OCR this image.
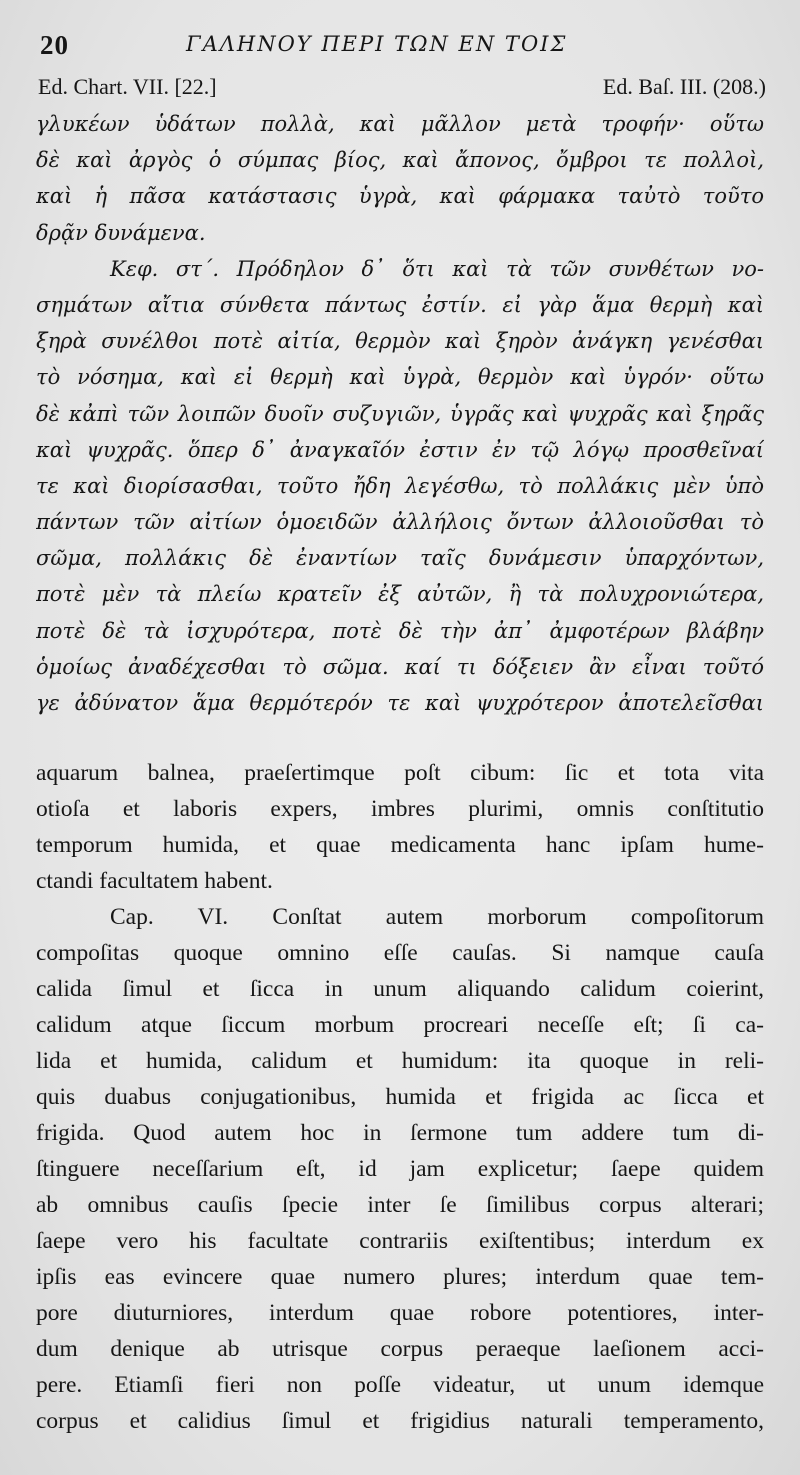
20	ΓΑΛΗΝΟΥ ΠΕΡΙ ΤΩΝ ΕΝ ΤΟΙΣ
Ed. Chart. VII. [22.]	Ed. Baſ. III. (208.)
γλυκέων ὑδάτων πολλὰ, καὶ μᾶλλον μετὰ τροφήν· οὕτω
δὲ καὶ ἀργὸς ὁ σύμπας βίος, καὶ ἄπονος, ὄμβροι τε πολλοὶ,
καὶ ἡ πᾶσα κατάστασις ὑγρὰ, καὶ φάρμακα ταὐτὸ τοῦτο
δρᾷν δυνάμενα.
Κεφ. στ΄. Πρόδηλον δ᾽ ὅτι καὶ τὰ τῶν συνθέτων νο-
σημάτων αἴτια σύνθετα πάντως ἐστίν. εἰ γὰρ ἅμα θερμὴ καὶ
ξηρὰ συνέλθοι ποτὲ αἰτία, θερμὸν καὶ ξηρὸν ἀνάγκη γενέσθαι
τὸ νόσημα, καὶ εἰ θερμὴ καὶ ὑγρὰ, θερμὸν καὶ ὑγρόν· οὕτω
δὲ κἀπὶ τῶν λοιπῶν δυοῖν συζυγιῶν, ὑγρᾶς καὶ ψυχρᾶς καὶ ξηρᾶς
καὶ ψυχρᾶς. ὅπερ δ᾽ ἀναγκαῖόν ἐστιν ἐν τῷ λόγῳ προσθεῖναί
τε καὶ διορίσασθαι, τοῦτο ἤδη λεγέσθω, τὸ πολλάκις μὲν ὑπὸ
πάντων τῶν αἰτίων ὁμοειδῶν ἀλλήλοις ὄντων ἀλλοιοῦσθαι τὸ
σῶμα, πολλάκις δὲ ἐναντίων ταῖς δυνάμεσιν ὑπαρχόντων,
ποτὲ μὲν τὰ πλείω κρατεῖν ἐξ αὐτῶν, ἢ τὰ πολυχρονιώτερα,
ποτὲ δὲ τὰ ἰσχυρότερα, ποτὲ δὲ τὴν ἀπ᾽ ἀμφοτέρων βλάβην
ὁμοίως ἀναδέχεσθαι τὸ σῶμα. καί τι δόξειεν ἂν εἶναι τοῦτό
γε ἀδύνατον ἅμα θερμότερόν τε καὶ ψυχρότερον ἀποτελεῖσθαι
aquarum balnea, praeſertimque poſt cibum: ſic et tota vita
otioſa et laboris expers, imbres plurimi, omnis conſtitutio
temporum humida, et quae medicamenta hanc ipſam hume-
ctandi facultatem habent.
Cap. VI. Conſtat autem morborum compoſitorum
compoſitas quoque omnino eſſe cauſas. Si namque cauſa
calida ſimul et ſicca in unum aliquando calidum coierint,
calidum atque ſiccum morbum procreari neceſſe eſt; ſi ca-
lida et humida, calidum et humidum: ita quoque in reli-
quis duabus conjugationibus, humida et frigida ac ſicca et
frigida. Quod autem hoc in ſermone tum addere tum di-
ſtinguere neceſſarium eſt, id jam explicetur; ſaepe quidem
ab omnibus cauſis ſpecie inter ſe ſimilibus corpus alterari;
ſaepe vero his facultate contrariis exiſtentibus; interdum ex
ipſis eas evincere quae numero plures; interdum quae tem-
pore diuturniores, interdum quae robore potentiores, inter-
dum denique ab utrisque corpus peraeque laeſionem acci-
pere. Etiamſi fieri non poſſe videatur, ut unum idemque
corpus et calidius ſimul et frigidius naturali temperamento,
